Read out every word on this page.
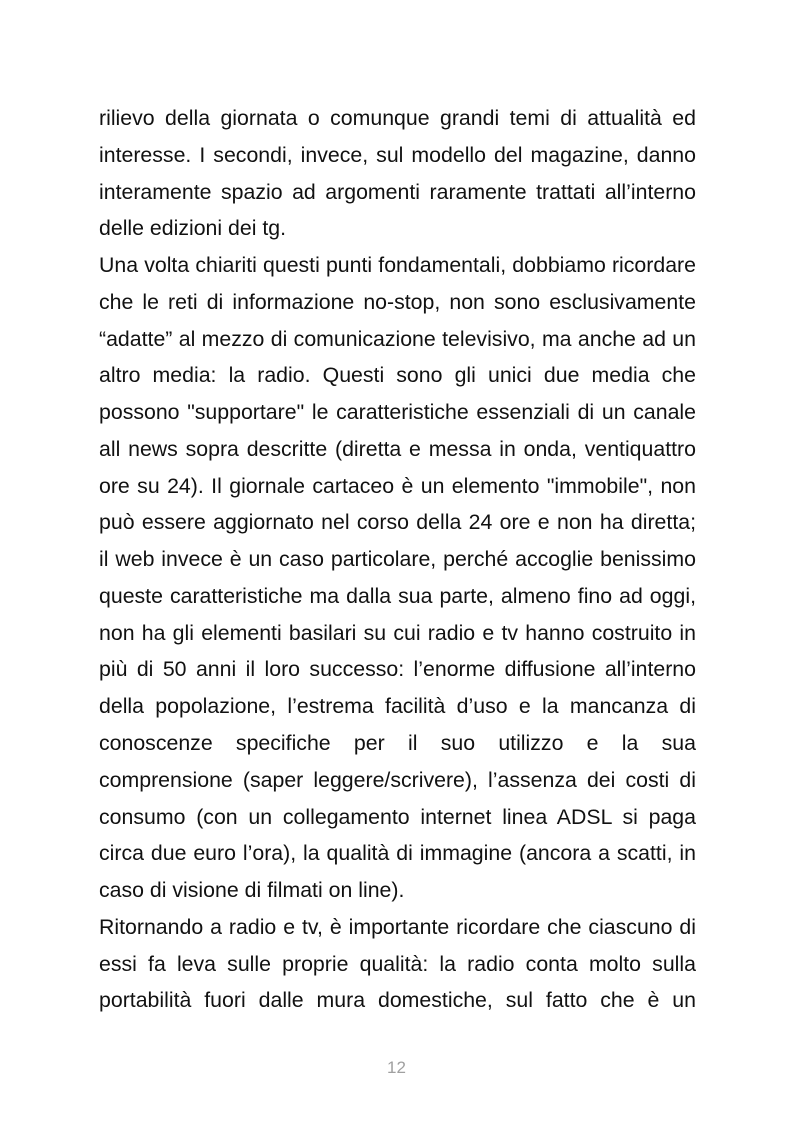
rilievo della giornata o comunque grandi temi di attualità ed
interesse. I secondi, invece, sul modello del magazine, danno
interamente spazio ad argomenti raramente trattati all’interno
delle edizioni dei tg.
Una volta chiariti questi punti fondamentali, dobbiamo ricordare
che le reti di informazione no-stop, non sono esclusivamente
“adatte” al mezzo di comunicazione televisivo, ma anche ad un
altro media: la radio. Questi sono gli unici due media che
possono "supportare" le caratteristiche essenziali di un canale
all news sopra descritte (diretta e messa in onda, ventiquattro
ore su 24). Il giornale cartaceo è un elemento "immobile", non
può essere aggiornato nel corso della 24 ore e non ha diretta;
il web invece è un caso particolare, perché accoglie benissimo
queste caratteristiche ma dalla sua parte, almeno fino ad oggi,
non ha gli elementi basilari su cui radio e tv hanno costruito in
più di 50 anni il loro successo: l’enorme diffusione all’interno
della popolazione, l’estrema facilità d’uso e la mancanza di
conoscenze specifiche per il suo utilizzo e la sua
comprensione (saper leggere/scrivere), l’assenza dei costi di
consumo (con un collegamento internet linea ADSL si paga
circa due euro l’ora), la qualità di immagine (ancora a scatti, in
caso di visione di filmati on line).
Ritornando a radio e tv, è importante ricordare che ciascuno di
essi fa leva sulle proprie qualità: la radio conta molto sulla
portabilità fuori dalle mura domestiche, sul fatto che è un
12
